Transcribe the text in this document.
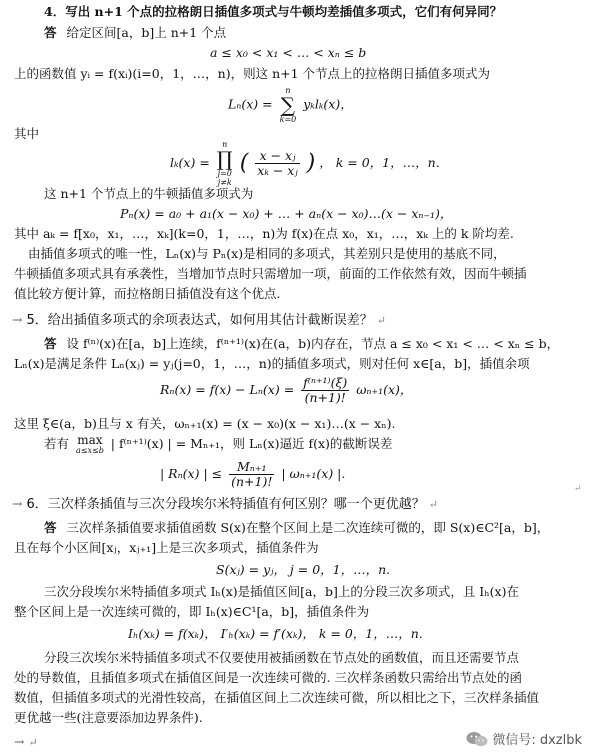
4．写出 n+1 个点的拉格朗日插值多项式与牛顿均差插值多项式，它们有何异同？
答 给定区间[a，b]上 n+1 个点
a ≤ x₀ < x₁ < … < xₙ ≤ b
上的函数值 yᵢ = f(xᵢ)(i=0，1，…，n)，则这 n+1 个节点上的拉格朗日插值多项式为
Lₙ(x) =
n
∑
k=0
yₖlₖ(x)，
其中
lₖ(x) =
n
∏
j=0
j≠k
( $\frac{\text{x − xⱼ}}{\text{xₖ − xⱼ}}$ ) ， k = 0，1，…，n.
这 n+1 个节点上的牛顿插值多项式为
Pₙ(x) = a₀ + a₁(x − x₀) + … + aₙ(x − x₀)…(x − xₙ₋₁)，
其中 aₖ = f[x₀，x₁，…，xₖ](k=0，1，…，n)为 f(x)在点 x₀，x₁，…，xₖ 上的 k 阶均差.
由插值多项式的唯一性，Lₙ(x)与 Pₙ(x)是相同的多项式，其差别只是使用的基底不同，
牛顿插值多项式具有承袭性，当增加节点时只需增加一项，前面的工作依然有效，因而牛顿插
值比较方便计算，而拉格朗日插值没有这个优点.
→ 5．给出插值多项式的余项表达式，如何用其估计截断误差？ ↵
答 设 f⁽ⁿ⁾(x)在[a，b]上连续，f⁽ⁿ⁺¹⁾(x)在(a，b)内存在，节点 a ≤ x₀ < x₁ < … < xₙ ≤ b，
Lₙ(x)是满足条件 Lₙ(xⱼ) = yⱼ(j=0，1，…，n)的插值多项式，则对任何 x∈[a，b]，插值余项
$R_n(x) = f(x) - L_n(x) = \frac{\text{f⁽ⁿ⁺¹⁾(ξ)}}{(n+1)!} \omega_{n+1}(x)$，
这里 ξ∈(a，b)且与 x 有关，ωₙ₊₁(x) = (x − x₀)(x − x₁)…(x − xₙ).
若有 max
a≤x≤b | f⁽ⁿ⁺¹⁾(x) | = Mₙ₊₁，则 Lₙ(x)逼近 f(x)的截断误差
| Rₙ(x) | ≤ $\frac{\text{Mₙ₊₁}}{(n+1)!}$ | ωₙ₊₁(x) |.
↵
→ 6．三次样条插值与三次分段埃尔米特插值有何区别？哪一个更优越？ ↵
答 三次样条插值要求插值函数 S(x)在整个区间上是二次连续可微的，即 S(x)∈C²[a，b]，
且在每个小区间[xⱼ，xⱼ₊₁]上是三次多项式，插值条件为
S(xⱼ) = yⱼ， j = 0，1，…，n.
三次分段埃尔米特插值多项式 Iₕ(x)是插值区间[a，b]上的分段三次多项式，且 Iₕ(x)在
整个区间上是一次连续可微的，即 Iₕ(x)∈C¹[a，b]，插值条件为
Iₕ(xₖ) = f(xₖ)， I′ₕ(xₖ) = f′(xₖ)， k = 0，1，…，n.
分段三次埃尔米特插值多项式不仅要使用被插函数在节点处的函数值，而且还需要节点
处的导数值，且插值多项式在插值区间是一次连续可微的. 三次样条函数只需给出节点处的函
数值，但插值多项式的光滑性较高，在插值区间上二次连续可微，所以相比之下，三次样条插值
更优越一些(注意要添加边界条件).
→ ↵	微信号: dxzlbk
